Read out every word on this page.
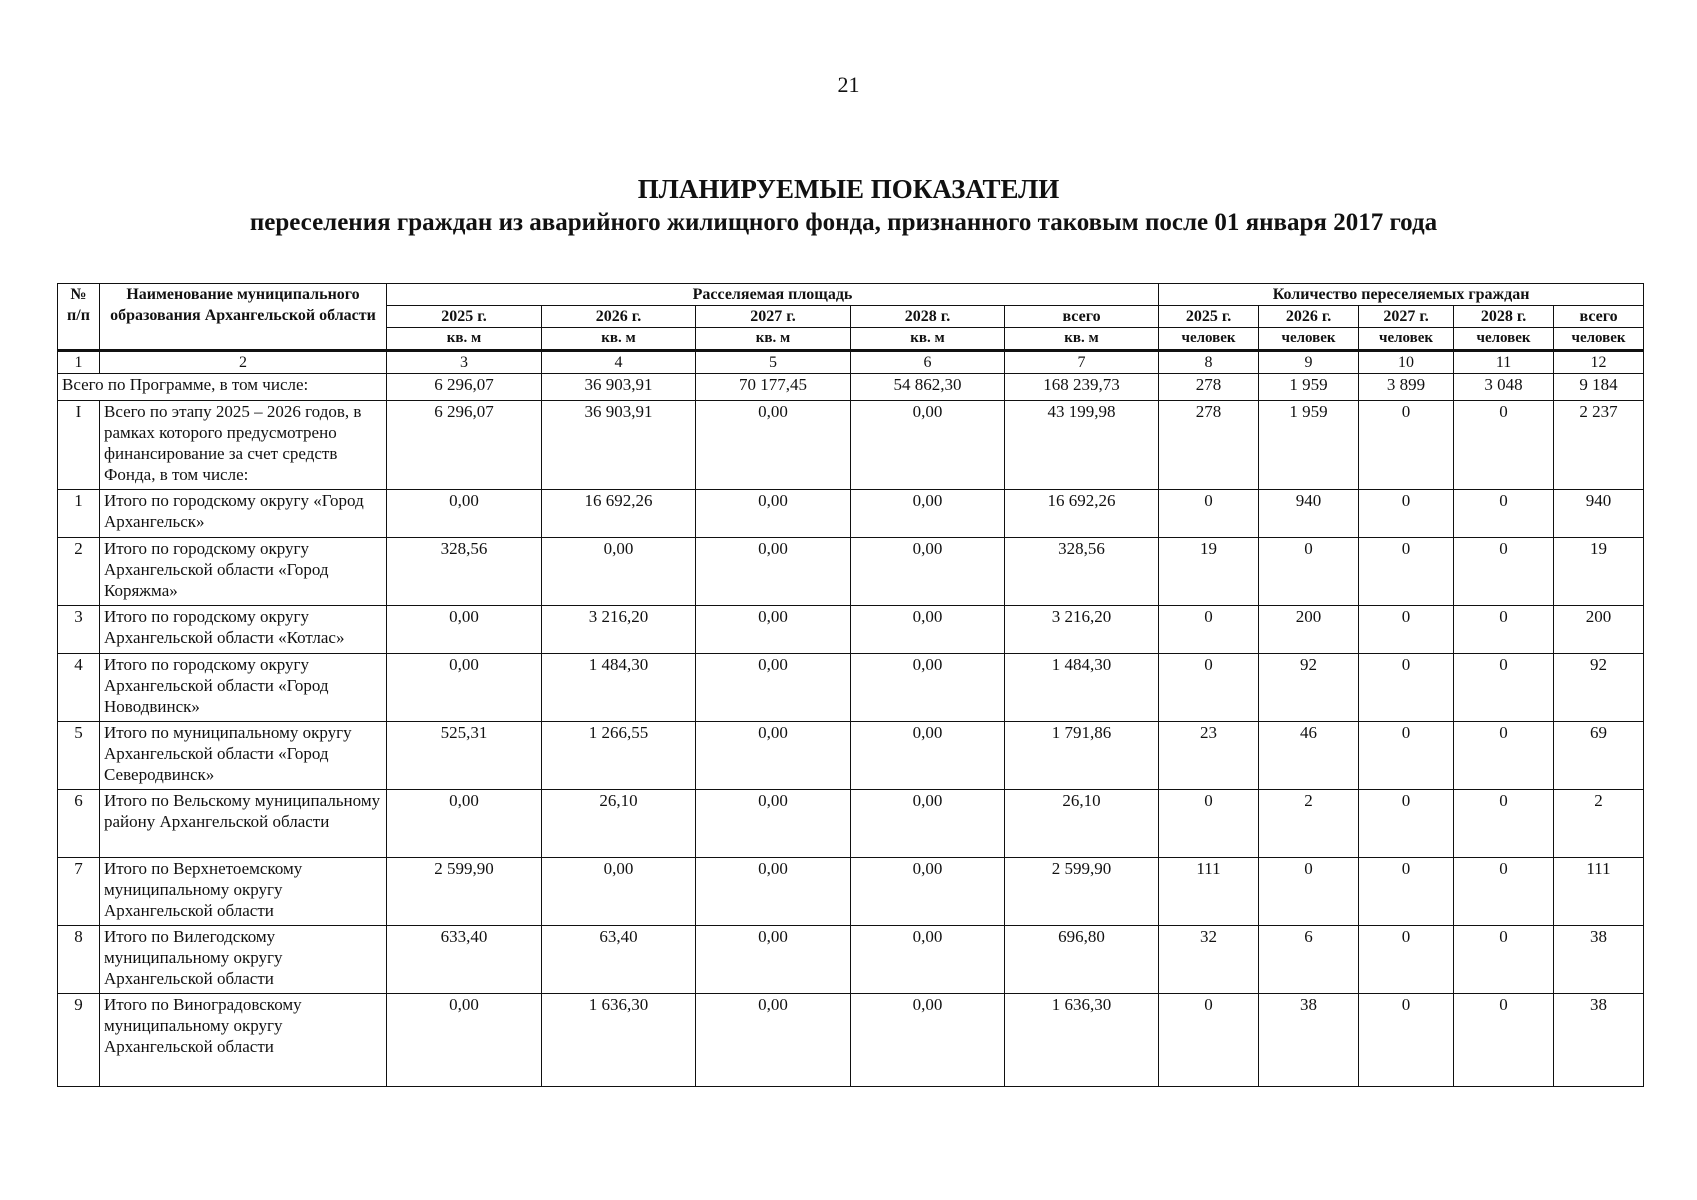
21
ПЛАНИРУЕМЫЕ ПОКАЗАТЕЛИ
переселения граждан из аварийного жилищного фонда, признанного таковым после 01 января 2017 года
№ п/п	Наименование муниципального образования Архангельской области	Расселяемая площадь					Количество переселяемых граждан				
		2025 г.	2026 г.	2027 г.	2028 г.	всего	2025 г.	2026 г.	2027 г.	2028 г.	всего
		кв. м	кв. м	кв. м	кв. м	кв. м	человек	человек	человек	человек	человек
1	2	3	4	5	6	7	8	9	10	11	12
Всего по Программе, в том числе:		6 296,07	36 903,91	70 177,45	54 862,30	168 239,73	278	1 959	3 899	3 048	9 184
I	Всего по этапу 2025 – 2026 годов, в рамках которого предусмотрено финансирование за счет средств Фонда, в том числе:	6 296,07	36 903,91	0,00	0,00	43 199,98	278	1 959	0	0	2 237
1	Итого по городскому округу «Город Архангельск»	0,00	16 692,26	0,00	0,00	16 692,26	0	940	0	0	940
2	Итого по городскому округу Архангельской области «Город Коряжма»	328,56	0,00	0,00	0,00	328,56	19	0	0	0	19
3	Итого по городскому округу Архангельской области «Котлас»	0,00	3 216,20	0,00	0,00	3 216,20	0	200	0	0	200
4	Итого по городскому округу Архангельской области «Город Новодвинск»	0,00	1 484,30	0,00	0,00	1 484,30	0	92	0	0	92
5	Итого по муниципальному округу Архангельской области «Город Северодвинск»	525,31	1 266,55	0,00	0,00	1 791,86	23	46	0	0	69
6	Итого по Вельскому муниципальному району Архангельской области	0,00	26,10	0,00	0,00	26,10	0	2	0	0	2
7	Итого по Верхнетоемскому муниципальному округу Архангельской области	2 599,90	0,00	0,00	0,00	2 599,90	111	0	0	0	111
8	Итого по Вилегодскому муниципальному округу Архангельской области	633,40	63,40	0,00	0,00	696,80	32	6	0	0	38
9	Итого по Виноградовскому муниципальному округу Архангельской области	0,00	1 636,30	0,00	0,00	1 636,30	0	38	0	0	38
